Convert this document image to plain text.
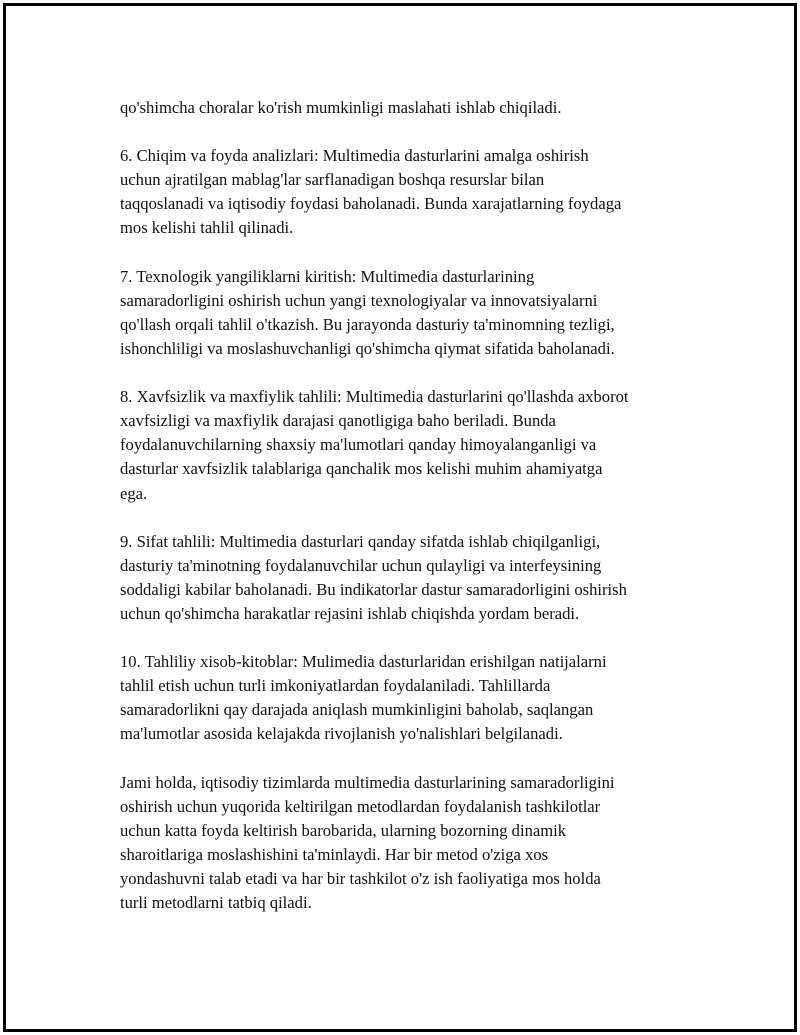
qo'shimcha choralar ko'rish mumkinligi maslahati ishlab chiqiladi.

6. Chiqim va foyda analizlari: Multimedia dasturlarini amalga oshirish
uchun ajratilgan mablag'lar sarflanadigan boshqa resurslar bilan
taqqoslanadi va iqtisodiy foydasi baholanadi. Bunda xarajatlarning foydaga
mos kelishi tahlil qilinadi.

7. Texnologik yangiliklarni kiritish: Multimedia dasturlarining
samaradorligini oshirish uchun yangi texnologiyalar va innovatsiyalarni
qo'llash orqali tahlil o'tkazish. Bu jarayonda dasturiy ta'minomning tezligi,
ishonchliligi va moslashuvchanligi qo'shimcha qiymat sifatida baholanadi.

8. Xavfsizlik va maxfiylik tahlili: Multimedia dasturlarini qo'llashda axborot
xavfsizligi va maxfiylik darajasi qanotligiga baho beriladi. Bunda
foydalanuvchilarning shaxsiy ma'lumotlari qanday himoyalanganligi va
dasturlar xavfsizlik talablariga qanchalik mos kelishi muhim ahamiyatga
ega.

9. Sifat tahlili: Multimedia dasturlari qanday sifatda ishlab chiqilganligi,
dasturiy ta'minotning foydalanuvchilar uchun qulayligi va interfeysining
soddaligi kabilar baholanadi. Bu indikatorlar dastur samaradorligini oshirish
uchun qo'shimcha harakatlar rejasini ishlab chiqishda yordam beradi.

10. Tahliliy xisob-kitoblar: Mulimedia dasturlaridan erishilgan natijalarni
tahlil etish uchun turli imkoniyatlardan foydalaniladi. Tahlillarda
samaradorlikni qay darajada aniqlash mumkinligini baholab, saqlangan
ma'lumotlar asosida kelajakda rivojlanish yo'nalishlari belgilanadi.

Jami holda, iqtisodiy tizimlarda multimedia dasturlarining samaradorligini
oshirish uchun yuqorida keltirilgan metodlardan foydalanish tashkilotlar
uchun katta foyda keltirish barobarida, ularning bozorning dinamik
sharoitlariga moslashishini ta'minlaydi. Har bir metod o'ziga xos
yondashuvni talab etadi va har bir tashkilot o'z ish faoliyatiga mos holda
turli metodlarni tatbiq qiladi.
